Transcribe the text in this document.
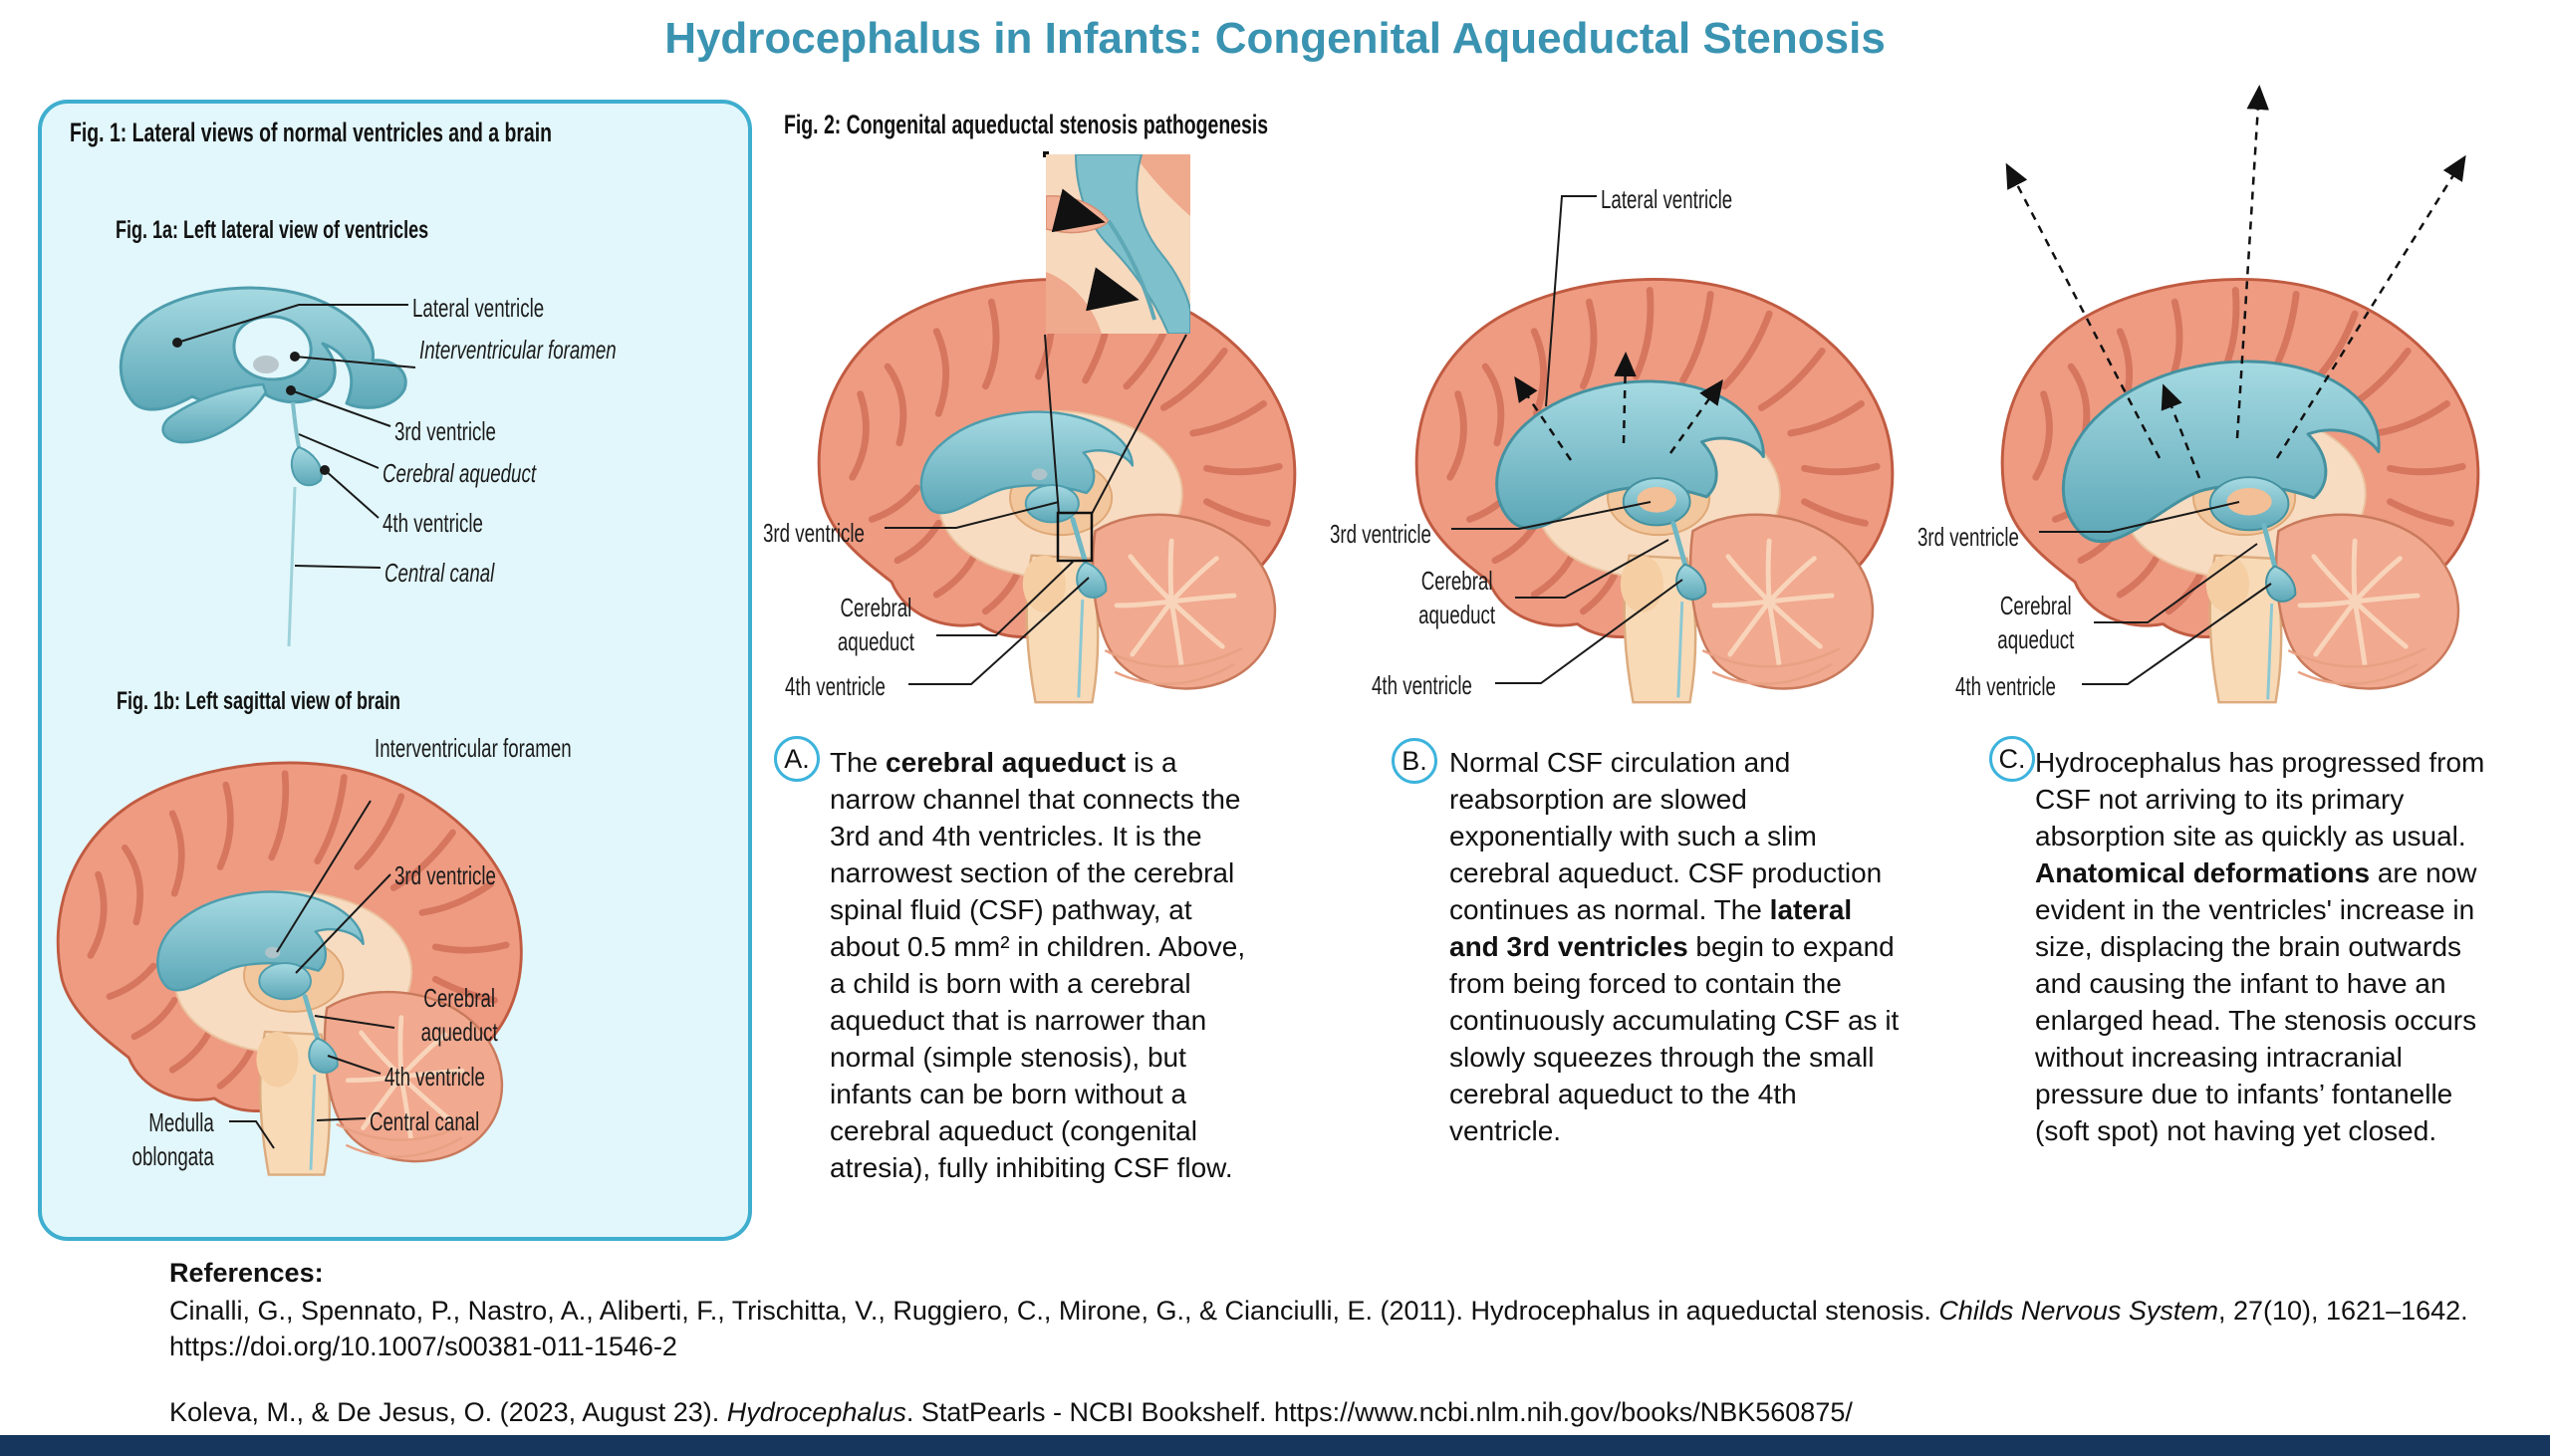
Hydrocephalus in Infants: Congenital Aqueductal Stenosis
Fig. 1: Lateral views of normal ventricles and a brain
Fig. 1a: Left lateral view of ventricles
Fig. 1b: Left sagittal view of brain
Lateral ventricle
Interventricular foramen
3rd ventricle
Cerebral aqueduct
4th ventricle
Central canal
Interventricular foramen
3rd ventricle
Cerebral aqueduct
4th ventricle
Central canal
Medulla oblongata
Fig. 2: Congenital aqueductal stenosis pathogenesis
3rd ventricle
Cerebral aqueduct
4th ventricle
Lateral ventricle
3rd ventricle
Cerebral aqueduct
4th ventricle
3rd ventricle
Cerebral aqueduct
4th ventricle
A. The cerebral aqueduct is a narrow channel that connects the 3rd and 4th ventricles. It is the narrowest section of the cerebral spinal fluid (CSF) pathway, at about 0.5 mm² in children. Above, a child is born with a cerebral aqueduct that is narrower than normal (simple stenosis), but infants can be born without a cerebral aqueduct (congenital atresia), fully inhibiting CSF flow.
B. Normal CSF circulation and reabsorption are slowed exponentially with such a slim cerebral aqueduct. CSF production continues as normal. The lateral and 3rd ventricles begin to expand from being forced to contain the continuously accumulating CSF as it slowly squeezes through the small cerebral aqueduct to the 4th ventricle.
C. Hydrocephalus has progressed from CSF not arriving to its primary absorption site as quickly as usual. Anatomical deformations are now evident in the ventricles' increase in size, displacing the brain outwards and causing the infant to have an enlarged head. The stenosis occurs without increasing intracranial pressure due to infants’ fontanelle (soft spot) not having yet closed.
References:
Cinalli, G., Spennato, P., Nastro, A., Aliberti, F., Trischitta, V., Ruggiero, C., Mirone, G., & Cianciulli, E. (2011). Hydrocephalus in aqueductal stenosis. Childs Nervous System, 27(10), 1621–1642. https://doi.org/10.1007/s00381-011-1546-2
Koleva, M., & De Jesus, O. (2023, August 23). Hydrocephalus. StatPearls - NCBI Bookshelf. https://www.ncbi.nlm.nih.gov/books/NBK560875/
